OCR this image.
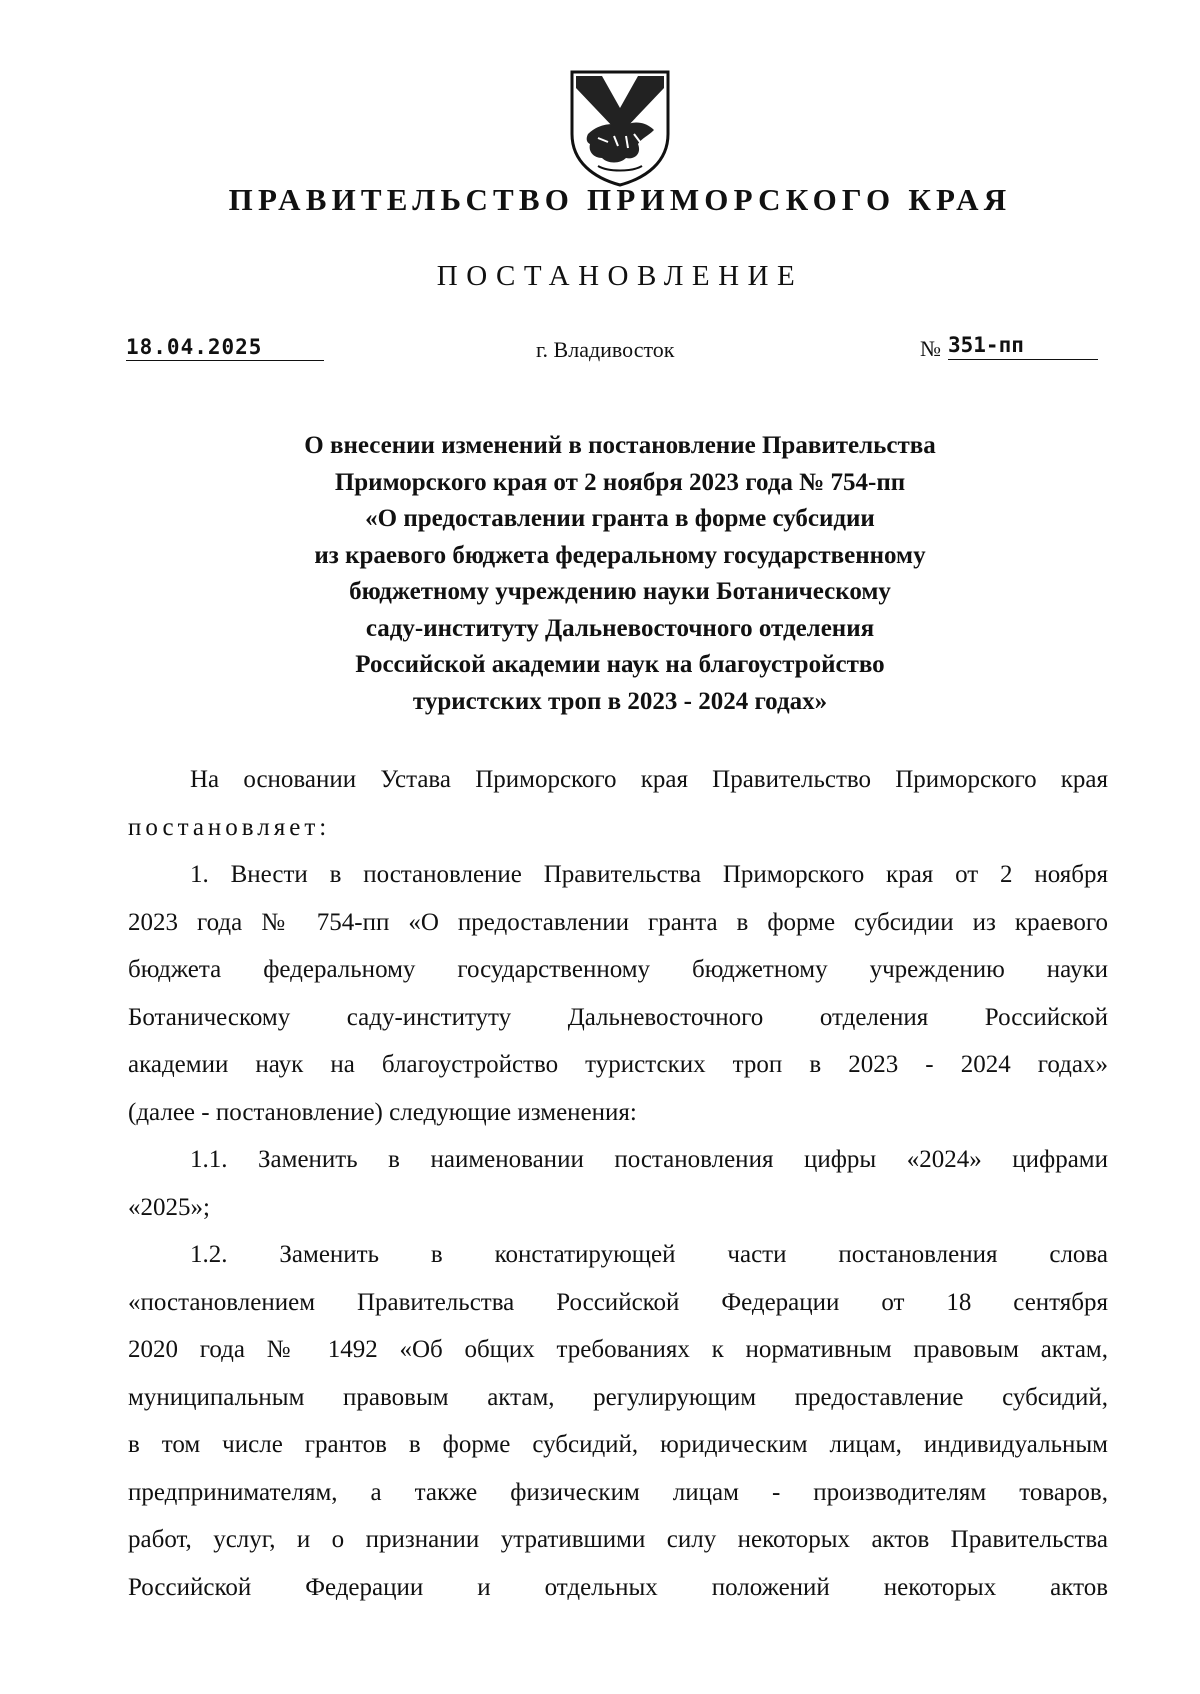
ПРАВИТЕЛЬСТВО ПРИМОРСКОГО КРАЯ
ПОСТАНОВЛЕНИЕ
18.04.2025	г. Владивосток	№ 351-пп
О внесении изменений в постановление Правительства
Приморского края от 2 ноября 2023 года № 754-пп
«О предоставлении гранта в форме субсидии
из краевого бюджета федеральному государственному
бюджетному учреждению науки Ботаническому
саду-институту Дальневосточного отделения
Российской академии наук на благоустройство
туристских троп в 2023 - 2024 годах»
На основании Устава Приморского края Правительство Приморского края
постановляет:
1. Внести в постановление Правительства Приморского края от 2 ноября
2023 года № 754-пп «О предоставлении гранта в форме субсидии из краевого
бюджета федеральному государственному бюджетному учреждению науки
Ботаническому саду-институту Дальневосточного отделения Российской
академии наук на благоустройство туристских троп в 2023 - 2024 годах»
(далее - постановление) следующие изменения:
1.1. Заменить в наименовании постановления цифры «2024» цифрами
«2025»;
1.2. Заменить в констатирующей части постановления слова
«постановлением Правительства Российской Федерации от 18 сентября
2020 года № 1492 «Об общих требованиях к нормативным правовым актам,
муниципальным правовым актам, регулирующим предоставление субсидий,
в том числе грантов в форме субсидий, юридическим лицам, индивидуальным
предпринимателям, а также физическим лицам - производителям товаров,
работ, услуг, и о признании утратившими силу некоторых актов Правительства
Российской Федерации и отдельных положений некоторых актов
